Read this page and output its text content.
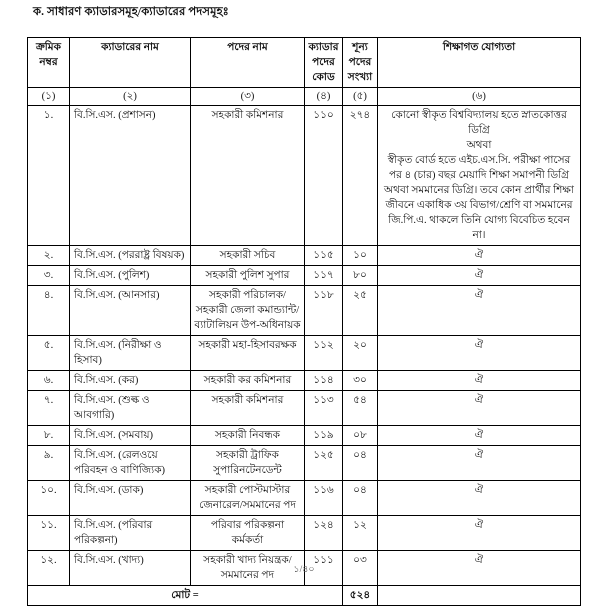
ক. সাধারণ ক্যাডারসমূহ/ক্যাডারের পদসমূহঃ
ক্রমিক নম্বর	ক্যাডারের নাম	পদের নাম	ক্যাডার পদের কোড	শূন্য পদের সংখ্যা	শিক্ষাগত যোগ্যতা
(১)	(২)	(৩)	(৪)	(৫)	(৬)
১.	বি.সি.এস. (প্রশাসন)	সহকারী কমিশনার	১১০	২৭৪	কোনো স্বীকৃত বিশ্ববিদ্যালয় হতে স্নাতকোত্তর ডিগ্রি
অথবা
স্বীকৃত বোর্ড হতে এইচ.এস.সি. পরীক্ষা পাসের পর ৪ (চার) বছর মেয়াদি শিক্ষা সমাপনী ডিগ্রি অথবা সমমানের ডিগ্রি। তবে কোন প্রার্থীর শিক্ষা জীবনে একাধিক ৩য় বিভাগ/শ্রেণি বা সমমানের জি.পি.এ. থাকলে তিনি যোগ্য বিবেচিত হবেন না।

২.	বি.সি.এস. (পররাষ্ট্র বিষয়ক)	সহকারী সচিব	১১৫	১০	ঐ
৩.	বি.সি.এস. (পুলিশ)	সহকারী পুলিশ সুপার	১১৭	৮০	ঐ
৪.	বি.সি.এস. (আনসার)	সহকারী পরিচালক/সহকারী জেলা কমান্ড্যান্ট/ব্যাটালিয়ন উপ-অধিনায়ক	১১৮	২৫	ঐ
৫.	বি.সি.এস. (নিরীক্ষা ও হিসাব)	সহকারী মহা-হিসাবরক্ষক	১১২	২০	ঐ
৬.	বি.সি.এস. (কর)	সহকারী কর কমিশনার	১১৪	৩০	ঐ
৭.	বি.সি.এস. (শুল্ক ও আবগারি)	সহকারী কমিশনার	১১৩	৫৪	ঐ
৮.	বি.সি.এস. (সমবায়)	সহকারী নিবন্ধক	১১৯	০৮	ঐ
৯.	বি.সি.এস. (রেলওয়ে পরিবহন ও বাণিজ্যিক)	সহকারী ট্রাফিক সুপারিনটেনডেন্ট	১২৫	০৪	ঐ
১০.	বি.সি.এস. (ডাক)	সহকারী পোস্টমাস্টার জেনারেল/সমমানের পদ	১১৬	০৪	ঐ
১১.	বি.সি.এস. (পরিবার পরিকল্পনা)	পরিবার পরিকল্পনা কর্মকর্তা	১২৪	১২	ঐ
১২.	বি.সি.এস. (খাদ্য)	সহকারী খাদ্য নিয়ন্ত্রক/ সমমানের পদ	১১১	০৩	ঐ
মোট =				৫২৪	
১/৪০
